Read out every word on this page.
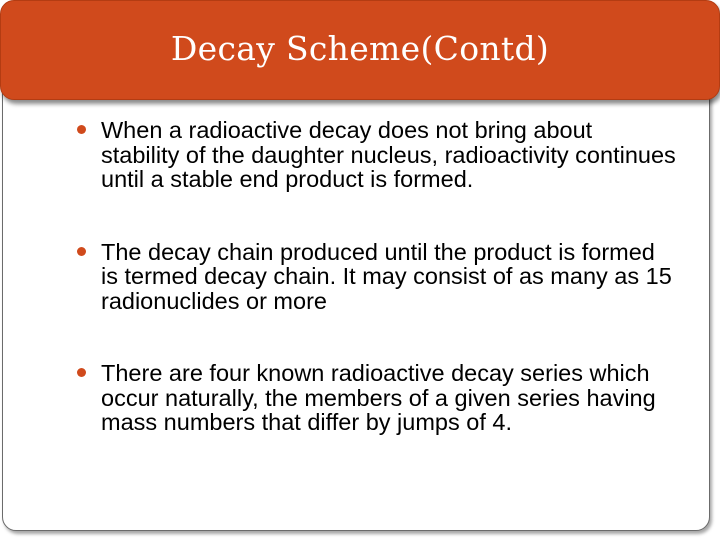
Decay Scheme(Contd)
When a radioactive decay does not bring about stability of the daughter nucleus, radioactivity continues until a stable end product is formed.
The decay chain produced until the product is formed is termed decay chain. It may consist of as many as 15 radionuclides or more
There are four known radioactive decay series which occur naturally, the members of a given series having mass numbers that differ by jumps of 4.
